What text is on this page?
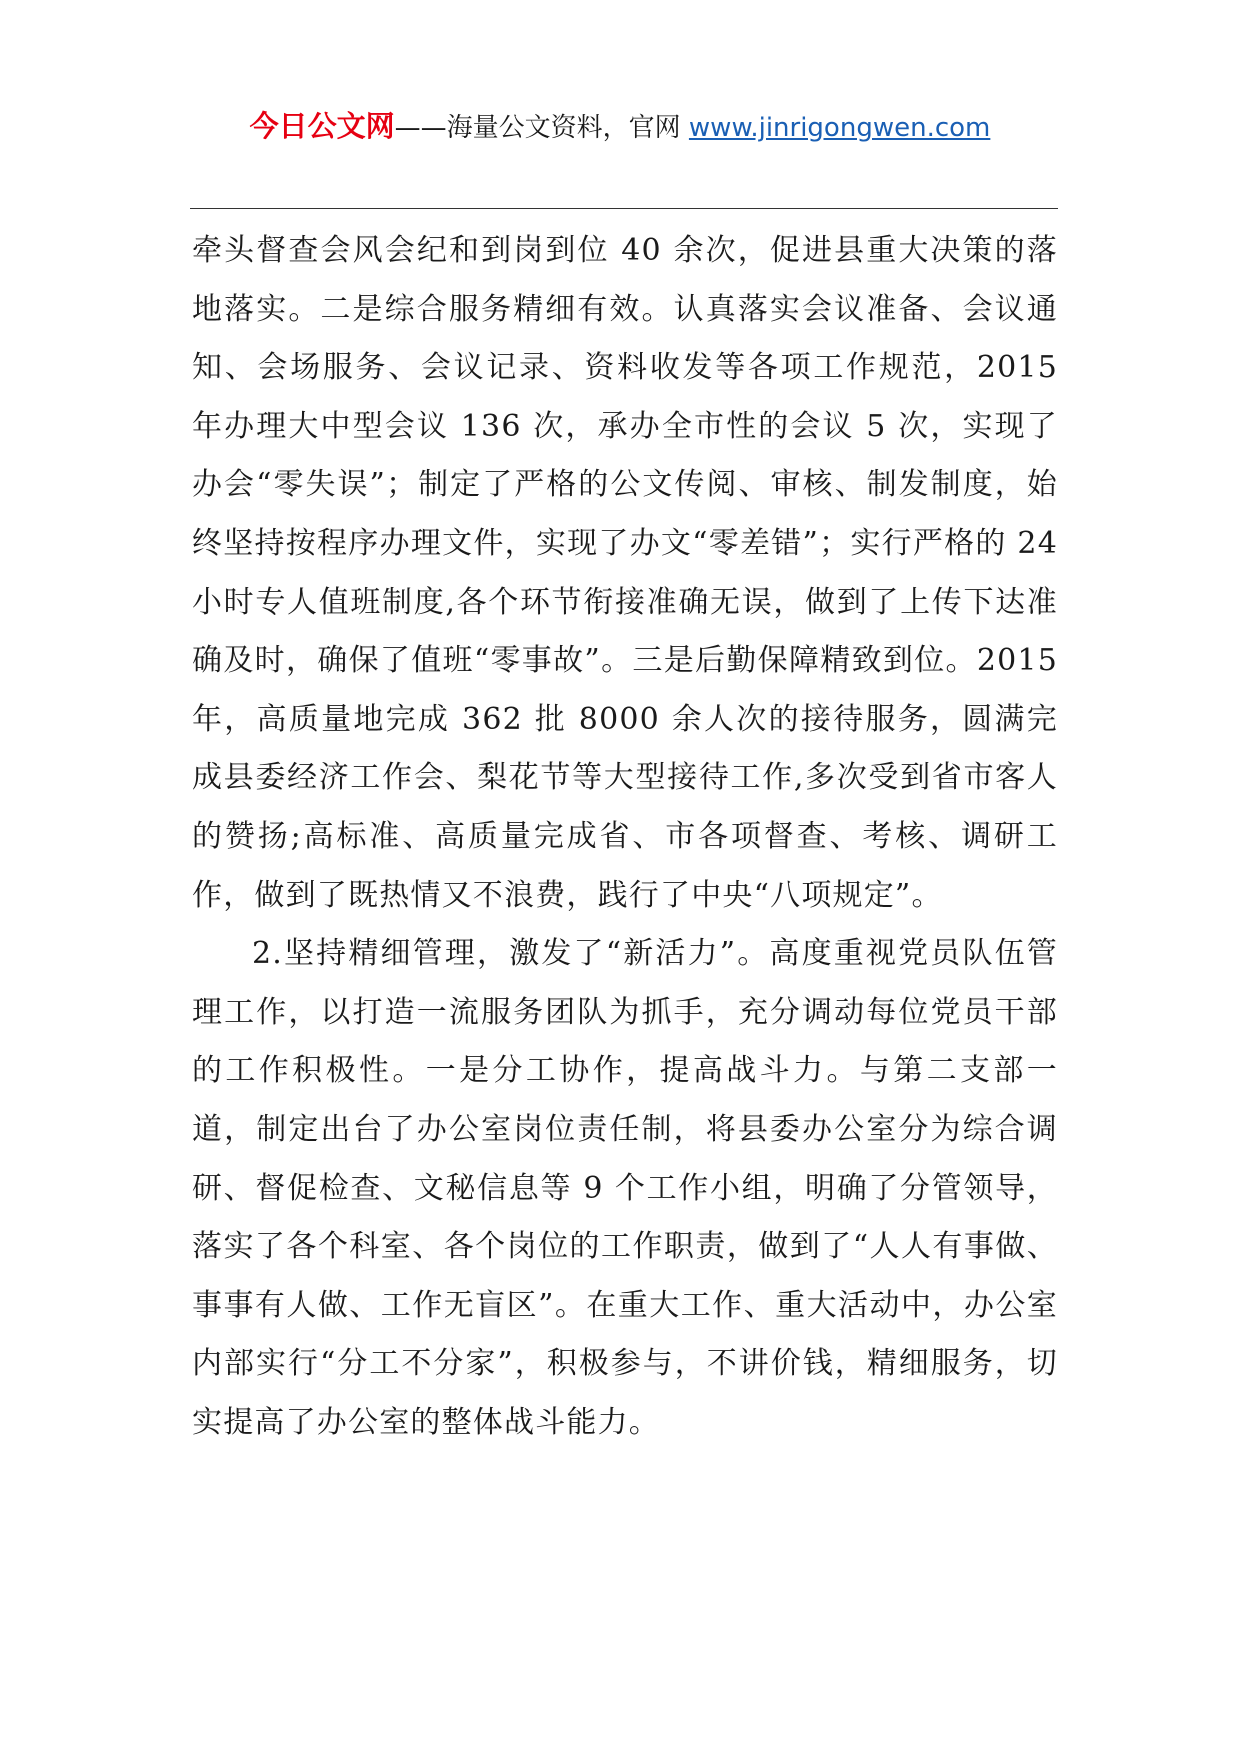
今日公文网——海量公文资料，官网 www.jinrigongwen.com

牵头督查会风会纪和到岗到位 40 余次，促进县重大决策的落地落实。二是综合服务精细有效。认真落实会议准备、会议通知、会场服务、会议记录、资料收发等各项工作规范，2015 年办理大中型会议 136 次，承办全市性的会议 5 次，实现了办会“零失误”；制定了严格的公文传阅、审核、制发制度，始终坚持按程序办理文件，实现了办文“零差错”；实行严格的 24 小时专人值班制度,各个环节衔接准确无误，做到了上传下达准确及时，确保了值班“零事故”。三是后勤保障精致到位。2015 年，高质量地完成 362 批 8000 余人次的接待服务，圆满完成县委经济工作会、梨花节等大型接待工作,多次受到省市客人的赞扬;高标准、高质量完成省、市各项督查、考核、调研工作，做到了既热情又不浪费，践行了中央“八项规定”。

2.坚持精细管理，激发了“新活力”。高度重视党员队伍管理工作，以打造一流服务团队为抓手，充分调动每位党员干部的工作积极性。一是分工协作，提高战斗力。与第二支部一道，制定出台了办公室岗位责任制，将县委办公室分为综合调研、督促检查、文秘信息等 9 个工作小组，明确了分管领导，落实了各个科室、各个岗位的工作职责，做到了“人人有事做、事事有人做、工作无盲区”。在重大工作、重大活动中，办公室内部实行“分工不分家”，积极参与，不讲价钱，精细服务，切实提高了办公室的整体战斗能力。
